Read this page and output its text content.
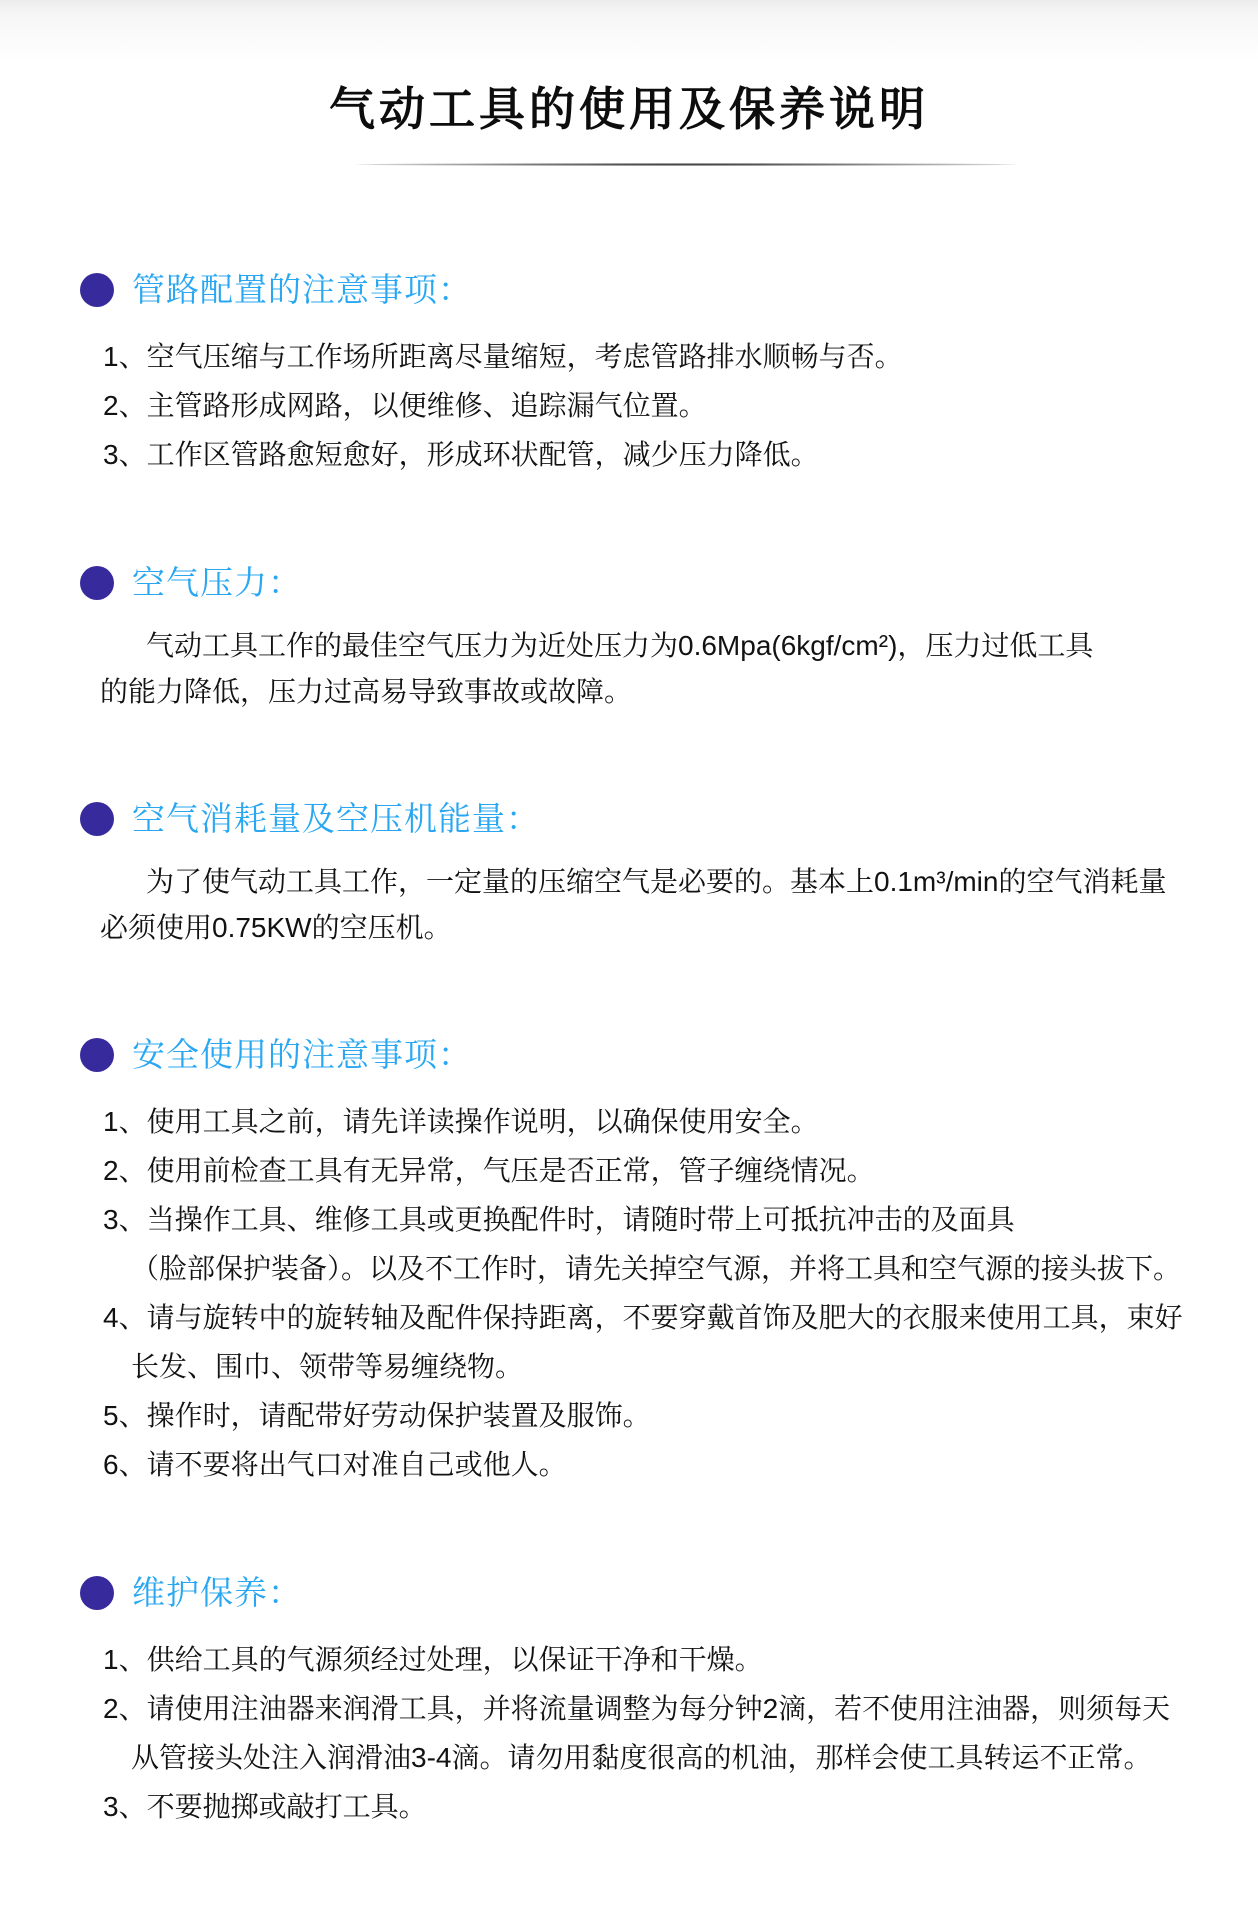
气动工具的使用及保养说明
管路配置的注意事项：
1、空气压缩与工作场所距离尽量缩短，考虑管路排水顺畅与否。
2、主管路形成网路，以便维修、追踪漏气位置。
3、工作区管路愈短愈好，形成环状配管，减少压力降低。
空气压力：
气动工具工作的最佳空气压力为近处压力为0.6Mpa(6kgf/cm²)，压力过低工具
的能力降低，压力过高易导致事故或故障。
空气消耗量及空压机能量：
为了使气动工具工作，一定量的压缩空气是必要的。基本上0.1m³/min的空气消耗量
必须使用0.75KW的空压机。
安全使用的注意事项：
1、使用工具之前，请先详读操作说明，以确保使用安全。
2、使用前检查工具有无异常，气压是否正常，管子缠绕情况。
3、当操作工具、维修工具或更换配件时，请随时带上可抵抗冲击的及面具
（脸部保护装备）。以及不工作时，请先关掉空气源，并将工具和空气源的接头拔下。
4、请与旋转中的旋转轴及配件保持距离，不要穿戴首饰及肥大的衣服来使用工具，束好
长发、围巾、领带等易缠绕物。
5、操作时，请配带好劳动保护装置及服饰。
6、请不要将出气口对准自己或他人。
维护保养：
1、供给工具的气源须经过处理，以保证干净和干燥。
2、请使用注油器来润滑工具，并将流量调整为每分钟2滴，若不使用注油器，则须每天
从管接头处注入润滑油3-4滴。请勿用黏度很高的机油，那样会使工具转运不正常。
3、不要抛掷或敲打工具。
